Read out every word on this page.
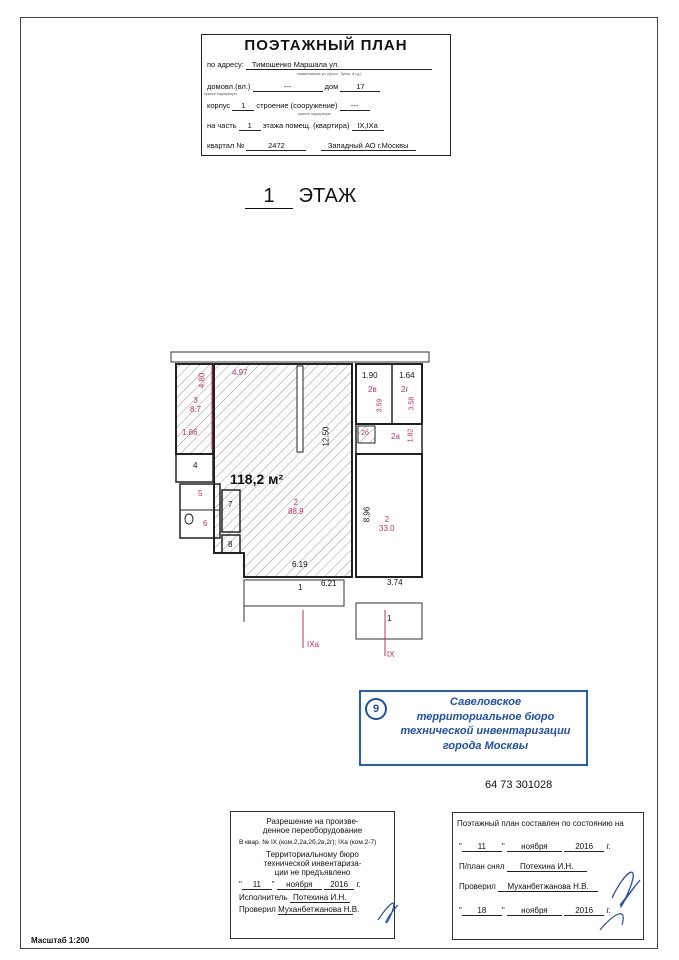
ПОЭТАЖНЫЙ ПЛАН
по адресу: Тимошенко Маршала ул.
наименование ул. (просп., бульв. и т.д.)
домовл.(вл.)	---	дом 17
нужное подчеркнуть
корпус 1 строение (сооружение) ---
нужное подчеркнуть
на часть 1 этажа помещ. (квартира) IX,IXа
квартал №	2472	Западный АО г.Москвы
1 ЭТАЖ
118,2 м²
4.97
4.80
1.86	12.50
6.19
6.21
8.96
3.74
1.90	1.64
3.59	3.58
1.82
3
8.7
2
88.9
2
33.0
2в	2г
2б	2а
4
5
6
7
8
1
1
IXа
IX
9
Савеловское
территориальное бюро
технической инвентаризации
города Москвы
64 73 301028
Разрешение на произве-
денное переоборудование
В квар. № IX (ком.2,2а,2б,2в,2г); IXа (ком.2-7)
Территориальному бюро
технической инвентариза-
ции не предъявлено
" 11 " ноября 2016 г.
Исполнитель Потехина И.Н.
Проверил Муханбетжанова Н.В.
Поэтажный план составлен по состоянию на
" 11 " ноября	2016 г.
П/план снял Потехина И.Н.
Проверил Муханбетжанова Н.В.
" 18 " ноября	2016 г.
Масштаб 1:200
